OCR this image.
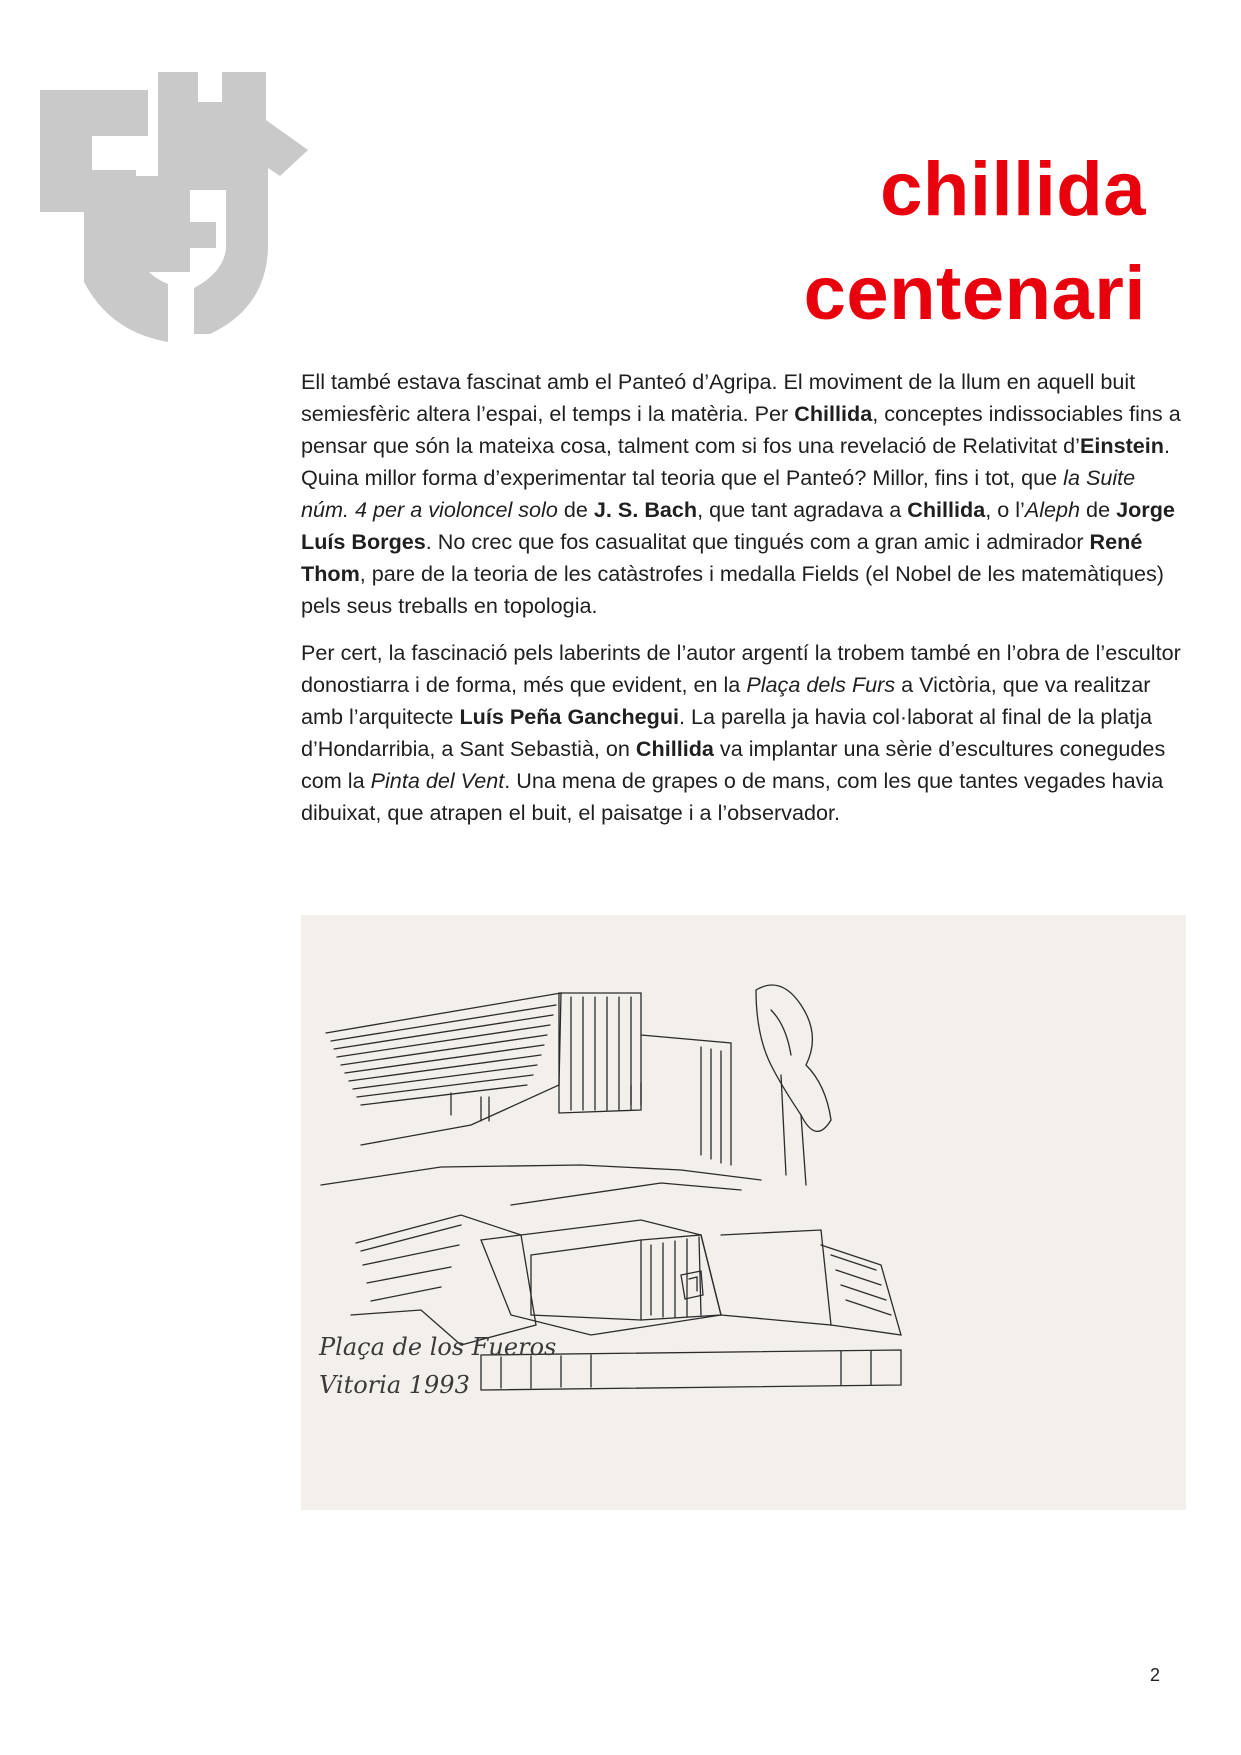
chillida
centenari

Ell també estava fascinat amb el Panteó d’Agripa. El moviment de la llum en aquell buit semiesfèric altera l’espai, el temps i la matèria. Per Chillida, conceptes indissociables fins a pensar que són la mateixa cosa, talment com si fos una revelació de Relativitat d’Einstein. Quina millor forma d’experimentar tal teoria que el Panteó? Millor, fins i tot, que la Suite núm. 4 per a violoncel solo de J. S. Bach, que tant agradava a Chillida, o l’Aleph de Jorge Luís Borges. No crec que fos casualitat que tingués com a gran amic i admirador René Thom, pare de la teoria de les catàstrofes i medalla Fields (el Nobel de les matemàtiques) pels seus treballs en topologia.

Per cert, la fascinació pels laberints de l’autor argentí la trobem també en l’obra de l’escultor donostiarra i de forma, més que evident, en la Plaça dels Furs a Victòria, que va realitzar amb l’arquitecte Luís Peña Ganchegui. La parella ja havia col·laborat al final de la platja d’Hondarribia, a Sant Sebastià, on Chillida va implantar una sèrie d’escultures conegudes com la Pinta del Vent. Una mena de grapes o de mans, com les que tantes vegades havia dibuixat, que atrapen el buit, el paisatge i a l’observador.

Plaça de los Fueros
Vitoria 1993
2
